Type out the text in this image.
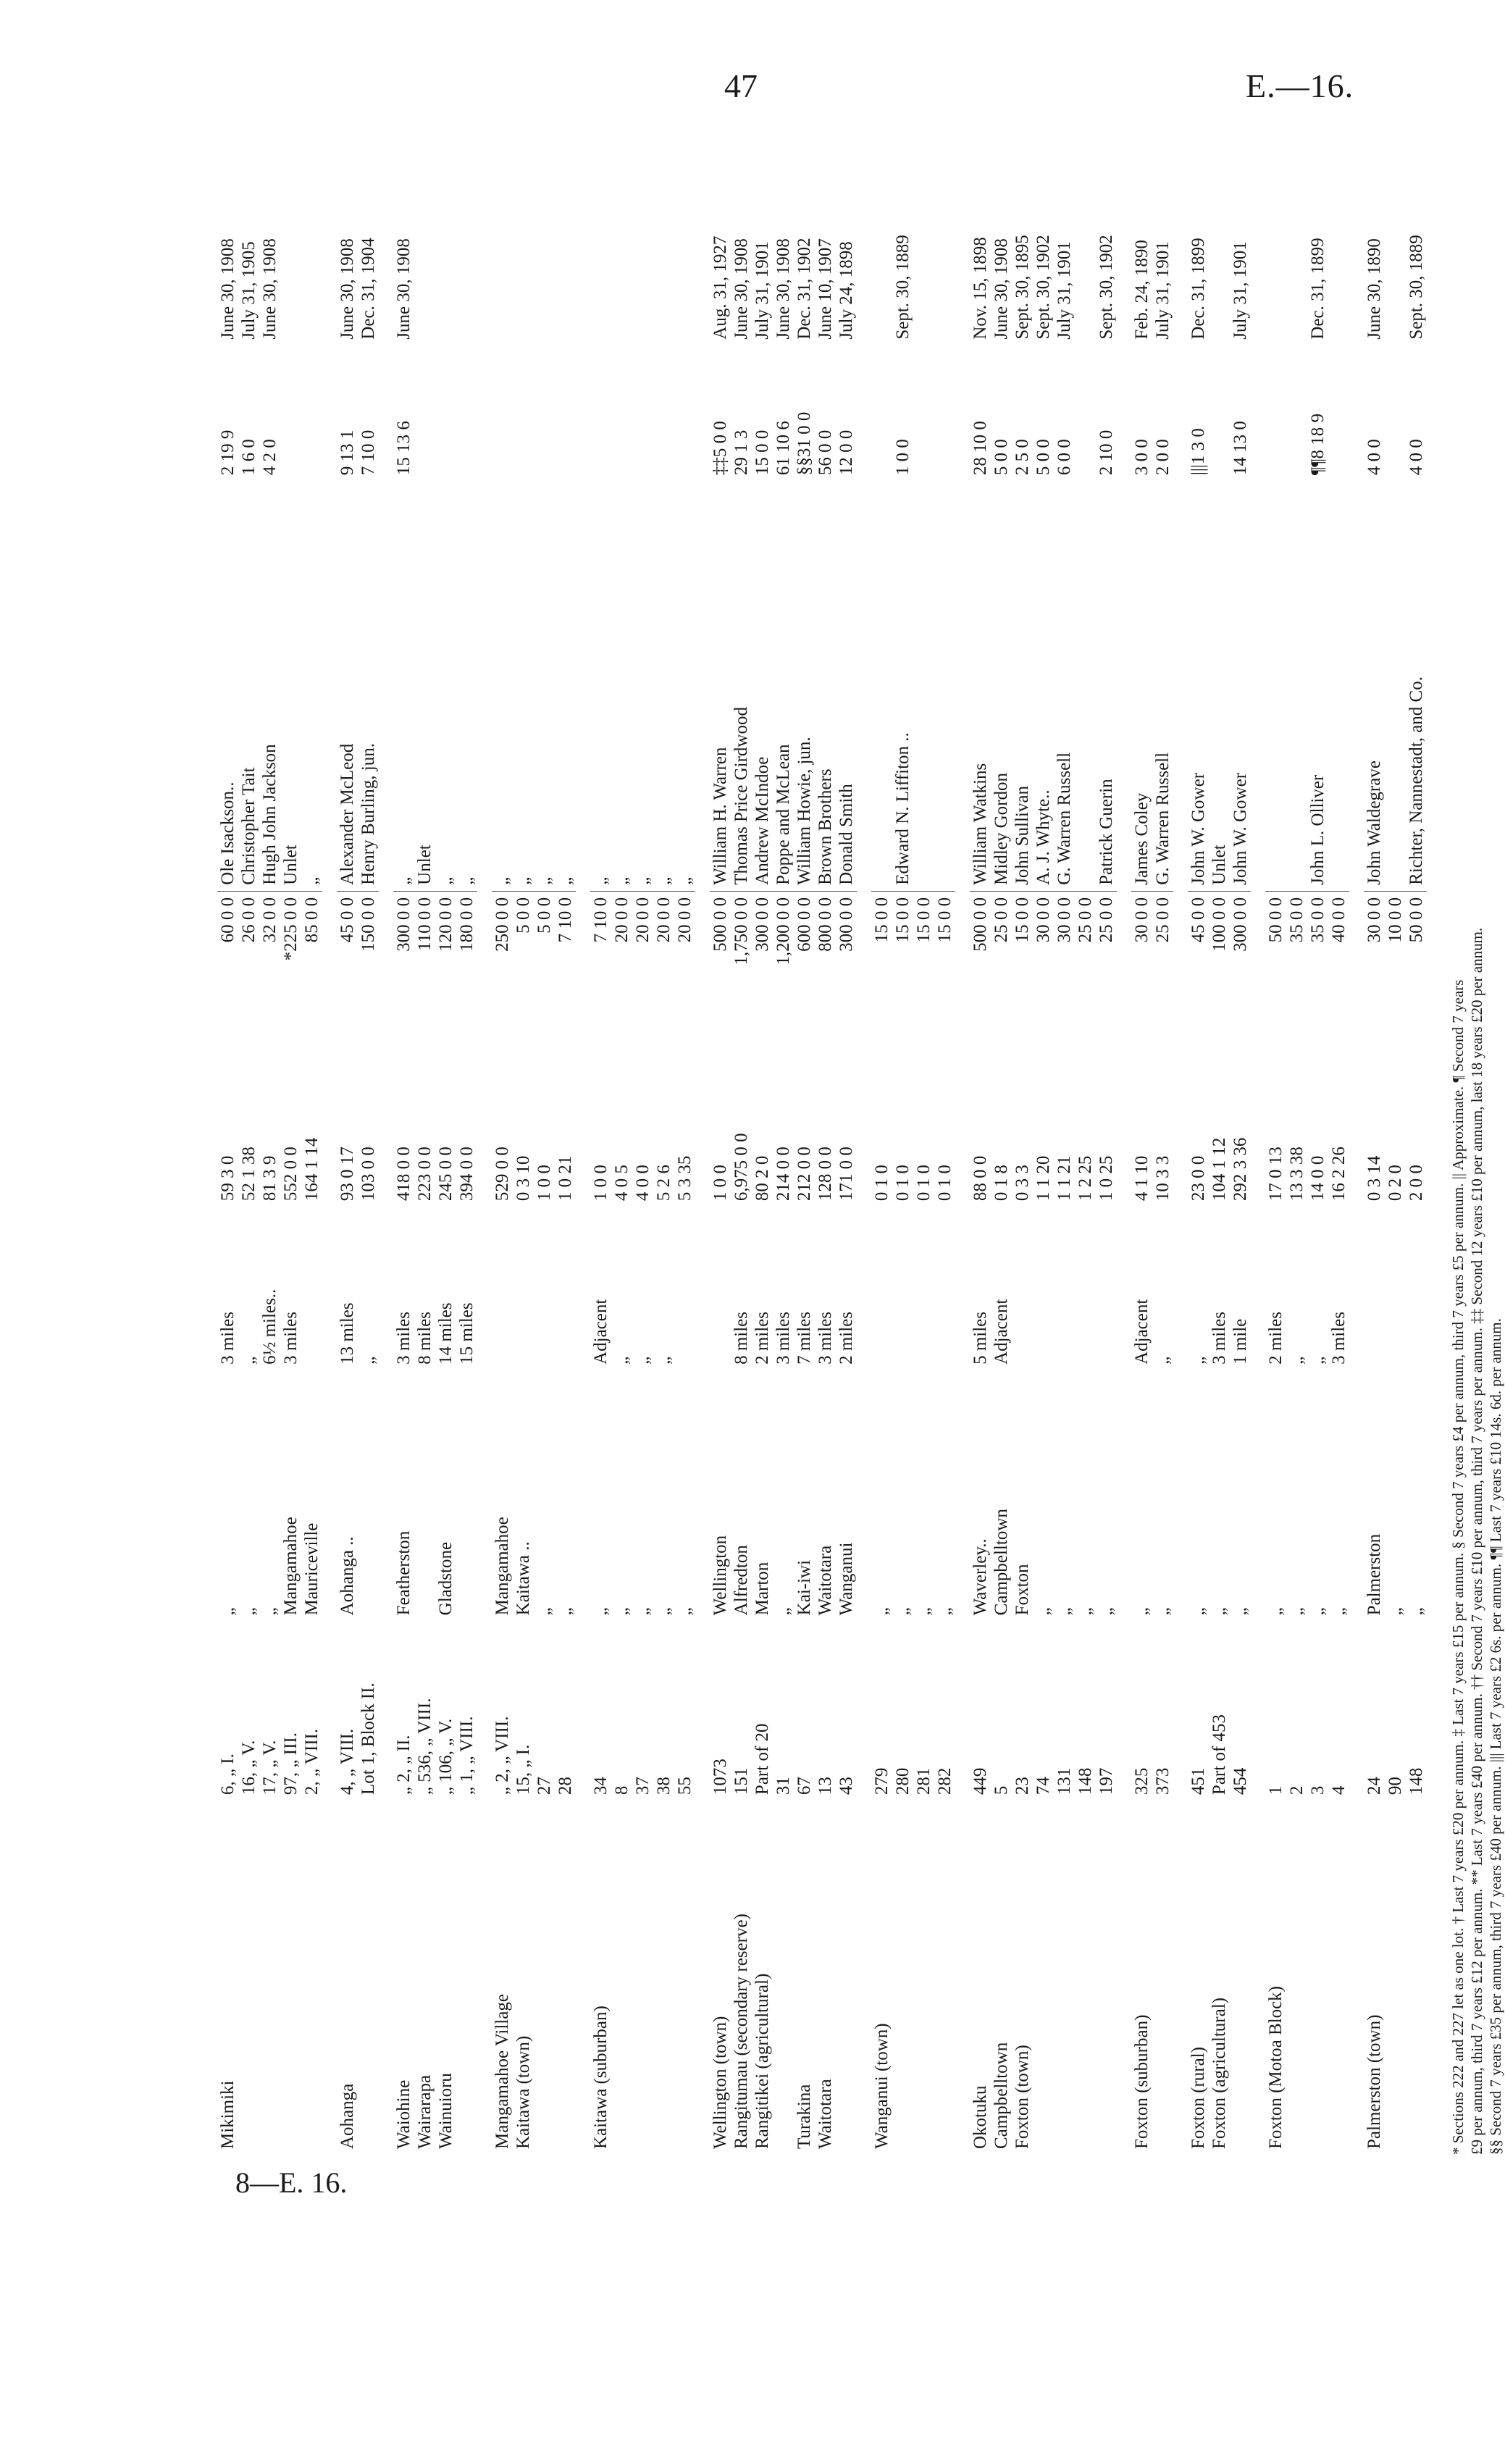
47	E.—16.
Mikimiki	6, „ I.	„	3 miles	59 3 0	60 0 0	Ole Isackson..	2 19 9	June 30, 1908
	16, „ V.	„	„	52 1 38	26 0 0	Christopher Tait	1 6 0	July 31, 1905
	17, „ V.	„	6½ miles..	81 3 9	32 0 0	Hugh John Jackson	4 2 0	June 30, 1908
	97, „ III.	Mangamahoe	3 miles	552 0 0	*225 0 0	Unlet		
	2, „ VIII.	Mauriceville		164 1 14	85 0 0	„		

Aohanga	4, „ VIII.	Aohanga ..	13 miles	93 0 17	45 0 0	Alexander McLeod	9 13 1	June 30, 1908
	Lot 1, Block II.		„	103 0 0	150 0 0	Henry Burling, jun.	7 10 0	Dec. 31, 1904

Waiohine	„ 2, „ II.	Featherston	3 miles	418 0 0	300 0 0	„	15 13 6	June 30, 1908
Wairarapa	„ 536, „ VIII.		8 miles	223 0 0	110 0 0	Unlet		
Wainuioru	„ 106, „ V.	Gladstone	14 miles	245 0 0	120 0 0	„		
	„ 1, „ VIII.		15 miles	394 0 0	180 0 0	„		

Mangamahoe Village	„ 2, „ VIII.	Mangamahoe		529 0 0	250 0 0	„		
Kaitawa (town)	15, „ I.	Kaitawa ..		0 3 10	5 0 0	„		
	27	„		1 0 0	5 0 0	„		
	28	„		1 0 21	7 10 0	„		

Kaitawa (suburban)	34	„	Adjacent	1 0 0	7 10 0	„		
	8	„	„	4 0 5	20 0 0	„		
	37	„	„	4 0 0	20 0 0	„		
	38	„	„	5 2 6	20 0 0	„		
	55	„		5 3 35	20 0 0	„		

Wellington (town)	1073	Wellington		1 0 0	500 0 0	William H. Warren	‡‡5 0 0	Aug. 31, 1927
Rangitumau (secondary reserve)	151	Alfredton	8 miles	6,975 0 0	1,750 0 0	Thomas Price Girdwood	29 1 3	June 30, 1908
Rangitikei (agricultural)	Part of 20	Marton	2 miles	80 2 0	300 0 0	Andrew McIndoe	15 0 0	July 31, 1901
	31	„	3 miles	214 0 0	1,200 0 0	Poppe and McLean	61 10 6	June 30, 1908
Turakina	67	Kai-iwi	7 miles	212 0 0	600 0 0	William Howie, jun.	§§31 0 0	Dec. 31, 1902
Waitotara	13	Waitotara	3 miles	128 0 0	800 0 0	Brown Brothers	56 0 0	June 10, 1907
	43	Wanganui	2 miles	171 0 0	300 0 0	Donald Smith	12 0 0	July 24, 1898

Wanganui (town)	279	„		0 1 0	15 0 0			
	280	„		0 1 0	15 0 0	Edward N. Liffiton ..	1 0 0	Sept. 30, 1889
	281	„		0 1 0	15 0 0			
	282	„		0 1 0	15 0 0			

Okotuku	449	Waverley..	5 miles	88 0 0	500 0 0	William Watkins	28 10 0	Nov. 15, 1898
Campbelltown	5	Campbelltown	Adjacent	0 1 8	25 0 0	Midley Gordon	5 0 0	June 30, 1908
Foxton (town)	23	Foxton		0 3 3	15 0 0	John Sullivan	2 5 0	Sept. 30, 1895
	74	„		1 1 20	30 0 0	A. J. Whyte..	5 0 0	Sept. 30, 1902
	131	„		1 1 21	30 0 0	G. Warren Russell	6 0 0	July 31, 1901
	148	„		1 2 25	25 0 0			
	197	„		1 0 25	25 0 0	Patrick Guerin	2 10 0	Sept. 30, 1902

Foxton (suburban)	325	„	Adjacent	4 1 10	30 0 0	James Coley	3 0 0	Feb. 24, 1890
	373	„	„	10 3 3	25 0 0	G. Warren Russell	2 0 0	July 31, 1901

Foxton (rural)	451	„	„	23 0 0	45 0 0	John W. Gower	|||1 3 0	Dec. 31, 1899
Foxton (agricultural)	Part of 453	„	3 miles	104 1 12	100 0 0	Unlet		
	454	„	1 mile	292 3 36	300 0 0	John W. Gower	14 13 0	July 31, 1901

Foxton (Motoa Block)	1	„	2 miles	17 0 13	50 0 0			
	2	„	„	13 3 38	35 0 0			
	3	„	„	14 0 0	35 0 0	John L. Olliver	¶¶8 18 9	Dec. 31, 1899
	4	„	3 miles	16 2 26	40 0 0			

Palmerston (town)	24	Palmerston		0 3 14	30 0 0	John Waldegrave	4 0 0	June 30, 1890
	90	„		0 2 0	10 0 0			
	148	„		2 0 0	50 0 0	Richter, Nannestadt, and Co.	4 0 0	Sept. 30, 1889

* Sections 222 and 227 let as one lot. † Last 7 years £20 per annum. ‡ Last 7 years £15 per annum. § Second 7 years £4 per annum, third 7 years £5 per annum. || Approximate. ¶ Second 7 years £9 per annum, third 7 years £12 per annum. ** Last 7 years £40 per annum. †† Second 7 years £10 per annum, third 7 years per annum. ‡‡ Second 12 years £10 per annum, last 18 years £20 per annum. §§ Second 7 years £35 per annum, third 7 years £40 per annum. ||| Last 7 years £2 6s. per annum. ¶¶ Last 7 years £10 14s. 6d. per annum.

8—E. 16.
